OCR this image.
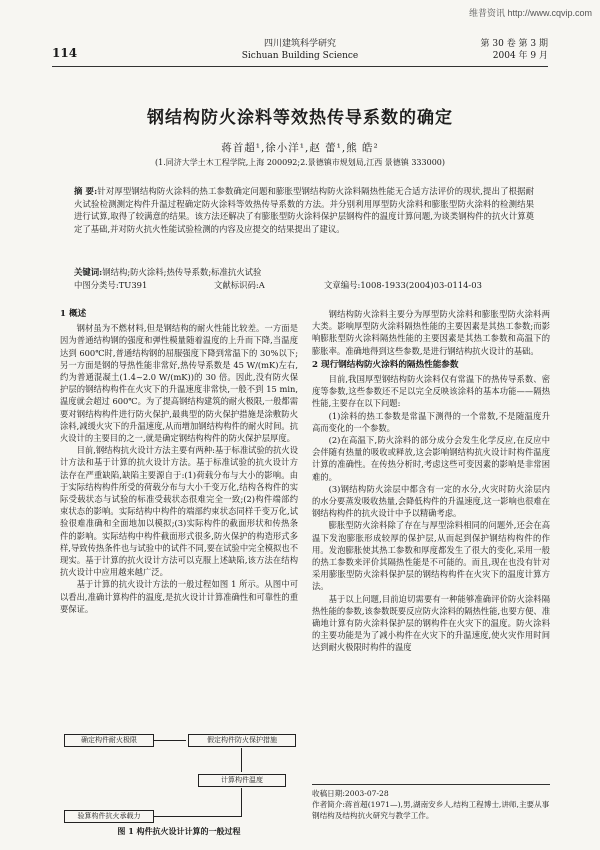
维普资讯 http://www.cqvip.com
114
四川建筑科学研究
Sichuan Building Science
第 30 卷 第 3 期
2004 年 9 月
钢结构防火涂料等效热传导系数的确定
蒋首超¹,徐小洋¹,赵 蕾¹,熊 皓²
(1.同济大学土木工程学院,上海 200092;2.景德镇市规划局,江西 景德镇 333000)
摘 要:针对厚型钢结构防火涂料的热工参数确定问题和膨胀型钢结构防火涂料隔热性能无合适方法评价的现状,提出了根据耐火试验检测测定构件升温过程确定防火涂料等效热传导系数的方法。并分别利用厚型防火涂料和膨胀型防火涂料的检测结果进行试算,取得了较满意的结果。该方法还解决了有膨胀型防火涂料保护层钢构件的温度计算问题,为谈类钢构件的抗火计算奠定了基础,并对防火抗火性能试验检测的内容及应提交的结果提出了建议。
关键词:钢结构;防火涂料;热传导系数;标准抗火试验
中图分类号:TU391	文献标识码:A	文章编号:1008-1933(2004)03-0114-03
1 概述

钢材虽为不燃材料,但是钢结构的耐火性能比较差。一方面是因为普通结构钢的强度和弹性模量随着温度的上升而下降,当温度达到 600℃时,普通结构钢的屈服强度下降到常温下的 30%以下;另一方面是钢的导热性能非常好,热传导系数是 45 W/(mK)左右,约为普通混凝土(1.4~2.0 W/(mK))的 30 倍。因此,没有防火保护层的钢结构构件在火灾下的升温速度非常快,一般不到 15 min,温度就会超过 600℃。为了提高钢结构建筑的耐火极限,一般都需要对钢结构构件进行防火保护,最典型的防火保护措施是涂敷防火涂料,减缓火灾下的升温速度,从而增加钢结构构件的耐火时间。抗火设计的主要目的之一,就是确定钢结构构件的防火保护层厚度。

目前,钢结构抗火设计方法主要有两种:基于标准试验的抗火设计方法和基于计算的抗火设计方法。基于标准试验的抗火设计方法存在严重缺陷,缺陷主要源自于:(1)荷载分布与大小的影响。由于实际结构构件所受的荷载分布与大小千变万化,结构各构件的实际受载状态与试验的标准受载状态很难完全一致;(2)构件端部约束状态的影响。实际结构中构件的端部约束状态同样千变万化,试验很难准确和全面地加以模拟;(3)实际构件的截面形状和传热条件的影响。实际结构中构件截面形式很多,防火保护的构造形式多样,导致传热条件也与试验中的试件不同,要在试验中完全模拟也不现实。基于计算的抗火设计方法可以克服上述缺陷,该方法在结构抗火设计中应用越来越广泛。

基于计算的抗火设计方法的一般过程如图 1 所示。从图中可以看出,准确计算构件的温度,是抗火设计计算准确性和可靠性的重要保证。

确定构件耐火极限	假定构件防火保护措施
计算构件温度
验算构件抗火承载力
图 1 构件抗火设计计算的一般过程

钢结构防火涂料主要分为厚型防火涂料和膨胀型防火涂料两大类。影响厚型防火涂料隔热性能的主要因素是其热工参数;而影响膨胀型防火涂料隔热性能的主要因素是其热工参数和高温下的膨胀率。准确地得到这些参数,是进行钢结构抗火设计的基础。

2 现行钢结构防火涂料的隔热性能参数

目前,我国厚型钢结构防火涂料仅有常温下的热传导系数、密度等参数,这些参数还不足以完全反映该涂料的基本功能——隔热性能,主要存在以下问题:

(1)涂料的热工参数是常温下测得的一个常数,不是随温度升高而变化的一个参数。

(2)在高温下,防火涂料的部分成分会发生化学反应,在反应中会伴随有热量的吸收或释放,这会影响钢结构抗火设计时构件温度计算的准确性。在传热分析时,考虑这些可变因素的影响是非常困难的。

(3)钢结构防火涂层中都含有一定的水分,火灾时防火涂层内的水分要蒸发吸收热量,会降低构件的升温速度,这一影响也很难在钢结构构件的抗火设计中予以精确考虑。

膨胀型防火涂料除了存在与厚型涂料相同的问题外,还会在高温下发泡膨胀形成较厚的保护层,从而起到保护钢结构构件的作用。发泡膨胀使其热工参数和厚度都发生了很大的变化,采用一般的热工参数来评价其隔热性能是不可能的。而且,现在也没有针对采用膨胀型防火涂料保护层的钢结构构件在火灾下的温度计算方法。

基于以上问题,目前迫切需要有一种能够准确评价防火涂料隔热性能的参数,该参数既要反应防火涂料的隔热性能,也要方便、准确地计算有防火涂料保护层的钢构件在火灾下的温度。防火涂料的主要功能是为了减小构件在火灾下的升温速度,使火灾作用时间达到耐火极限时构件的温度

收稿日期:2003-07-28
作者简介:蒋首超(1971—),男,湖南安乡人,结构工程博士,讲师,主要从事钢结构及结构抗火研究与教学工作。
